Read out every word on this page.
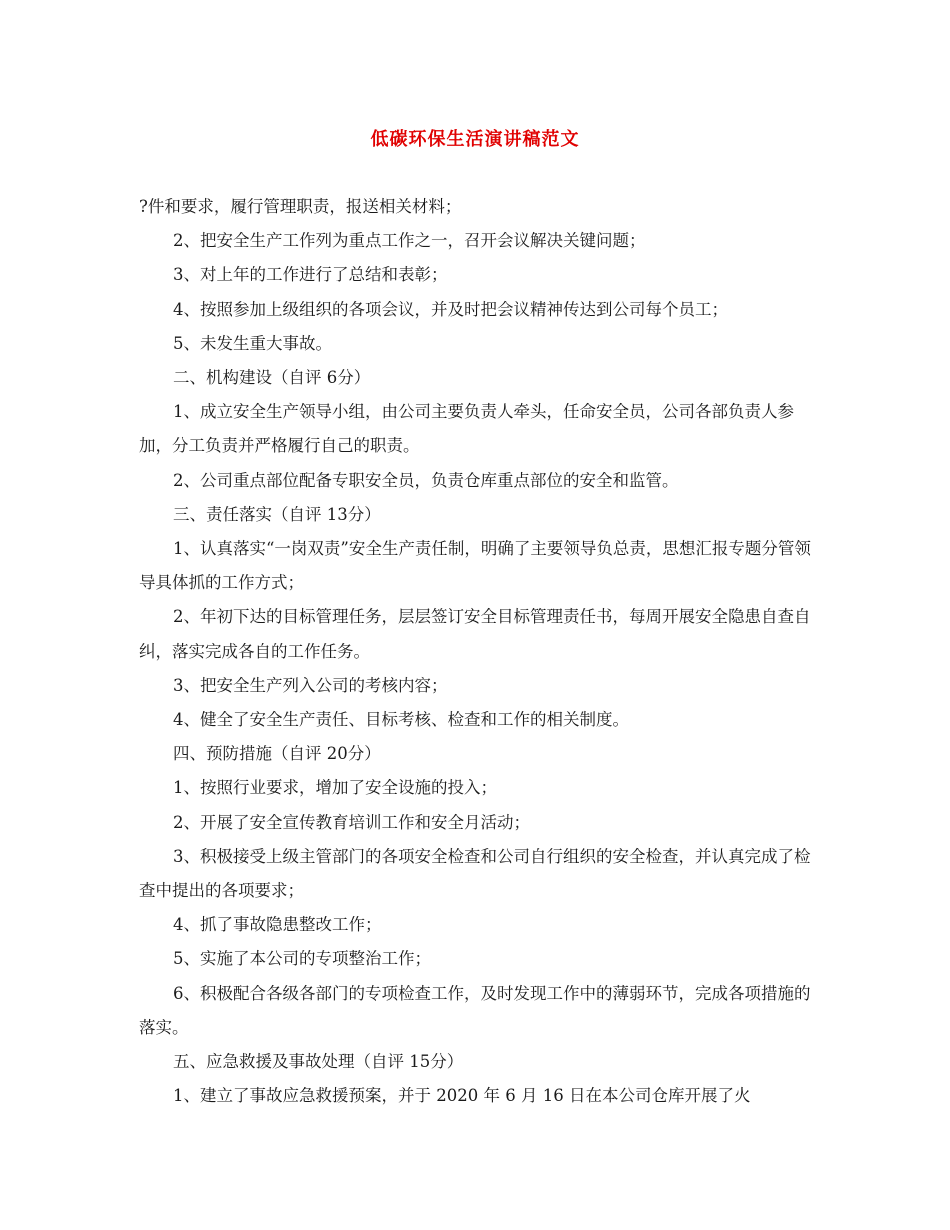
低碳环保生活演讲稿范文

?件和要求，履行管理职责，报送相关材料；

2、把安全生产工作列为重点工作之一，召开会议解决关键问题；

3、对上年的工作进行了总结和表彰；

4、按照参加上级组织的各项会议，并及时把会议精神传达到公司每个员工；

5、未发生重大事故。

二、机构建设（自评 6分）

1、成立安全生产领导小组，由公司主要负责人牵头，任命安全员，公司各部负责人参加，分工负责并严格履行自己的职责。

2、公司重点部位配备专职安全员，负责仓库重点部位的安全和监管。

三、责任落实（自评 13分）

1、认真落实“一岗双责”安全生产责任制，明确了主要领导负总责，思想汇报专题分管领导具体抓的工作方式；

2、年初下达的目标管理任务，层层签订安全目标管理责任书，每周开展安全隐患自查自纠，落实完成各自的工作任务。

3、把安全生产列入公司的考核内容；

4、健全了安全生产责任、目标考核、检查和工作的相关制度。

四、预防措施（自评 20分）

1、按照行业要求，增加了安全设施的投入；

2、开展了安全宣传教育培训工作和安全月活动；

3、积极接受上级主管部门的各项安全检查和公司自行组织的安全检查，并认真完成了检查中提出的各项要求；

4、抓了事故隐患整改工作；

5、实施了本公司的专项整治工作；

6、积极配合各级各部门的专项检查工作，及时发现工作中的薄弱环节，完成各项措施的落实。

五、应急救援及事故处理（自评 15分）

1、建立了事故应急救援预案，并于 2020 年 6 月 16 日在本公司仓库开展了火
